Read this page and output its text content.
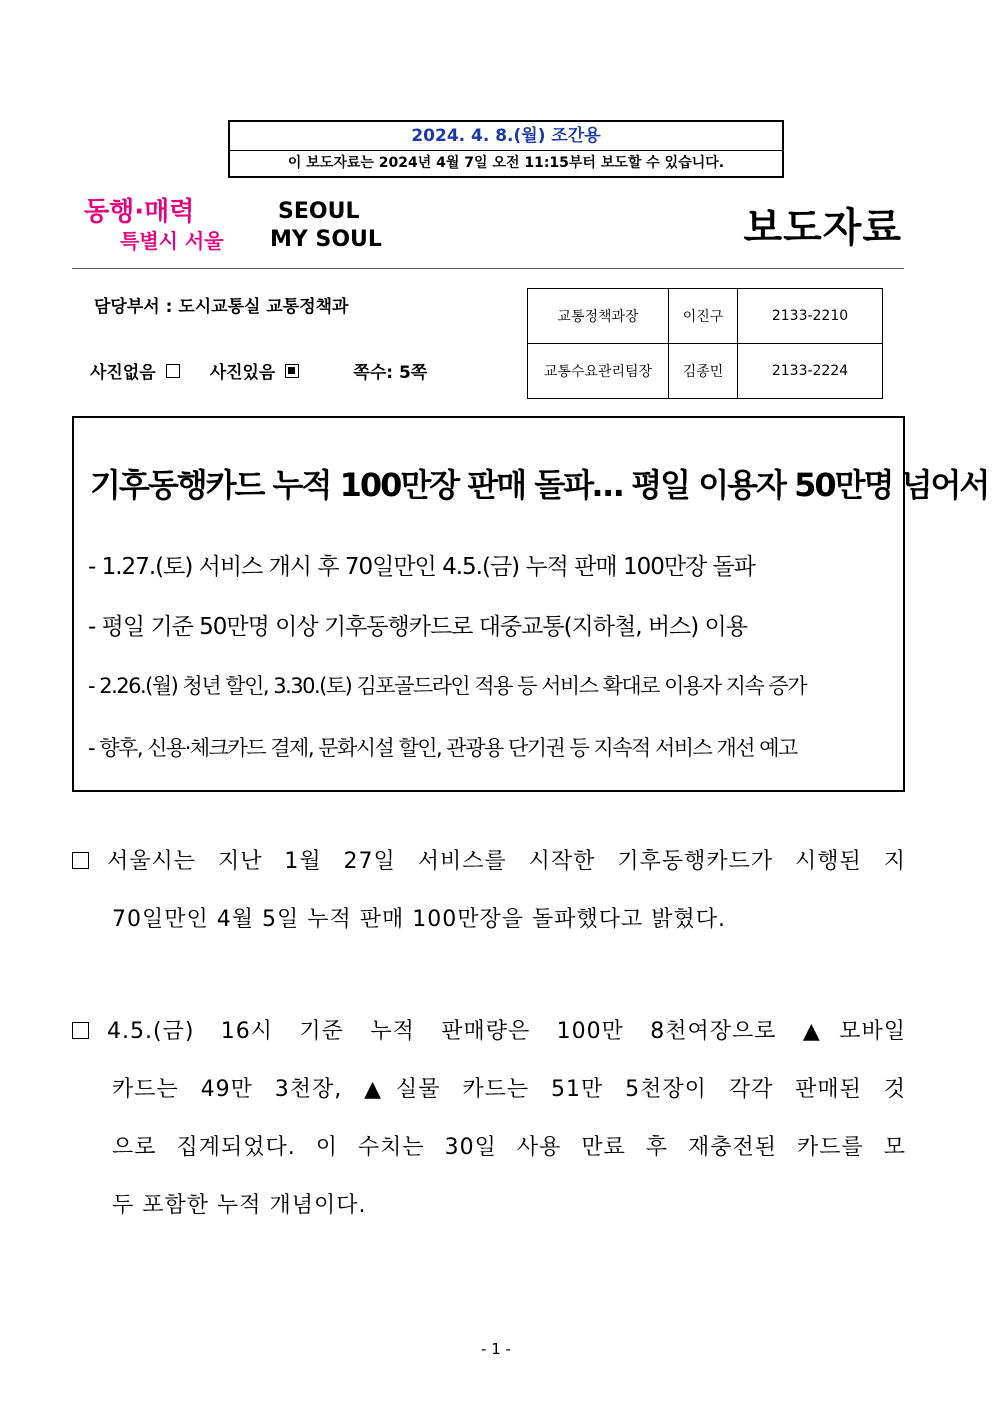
2024. 4. 8.(월) 조간용
이 보도자료는 2024년 4월 7일 오전 11:15부터 보도할 수 있습니다.
동행·매력
특별시 서울
SEOUL
MY SOUL	보도자료
담당부서 : 도시교통실 교통정책과
사진없음	사진있음	쪽수: 5쪽
교통정책과장	이진구	2133-2210
교통수요관리팀장	김종민	2133-2224
기후동행카드 누적 100만장 판매 돌파… 평일 이용자 50만명 넘어서
- 1.27.(토) 서비스 개시 후 70일만인 4.5.(금) 누적 판매 100만장 돌파
- 평일 기준 50만명 이상 기후동행카드로 대중교통(지하철, 버스) 이용
- 2.26.(월) 청년 할인, 3.30.(토) 김포골드라인 적용 등 서비스 확대로 이용자 지속 증가
- 향후, 신용·체크카드 결제, 문화시설 할인, 관광용 단기권 등 지속적 서비스 개선 예고
서울시는 지난 1월 27일 서비스를 시작한 기후동행카드가 시행된 지
70일만인 4월 5일 누적 판매 100만장을 돌파했다고 밝혔다.
4.5.(금) 16시 기준 누적 판매량은 100만 8천여장으로 ▲모바일
카드는 49만 3천장, ▲실물 카드는 51만 5천장이 각각 판매된 것
으로 집계되었다. 이 수치는 30일 사용 만료 후 재충전된 카드를 모
두 포함한 누적 개념이다.
- 1 -
